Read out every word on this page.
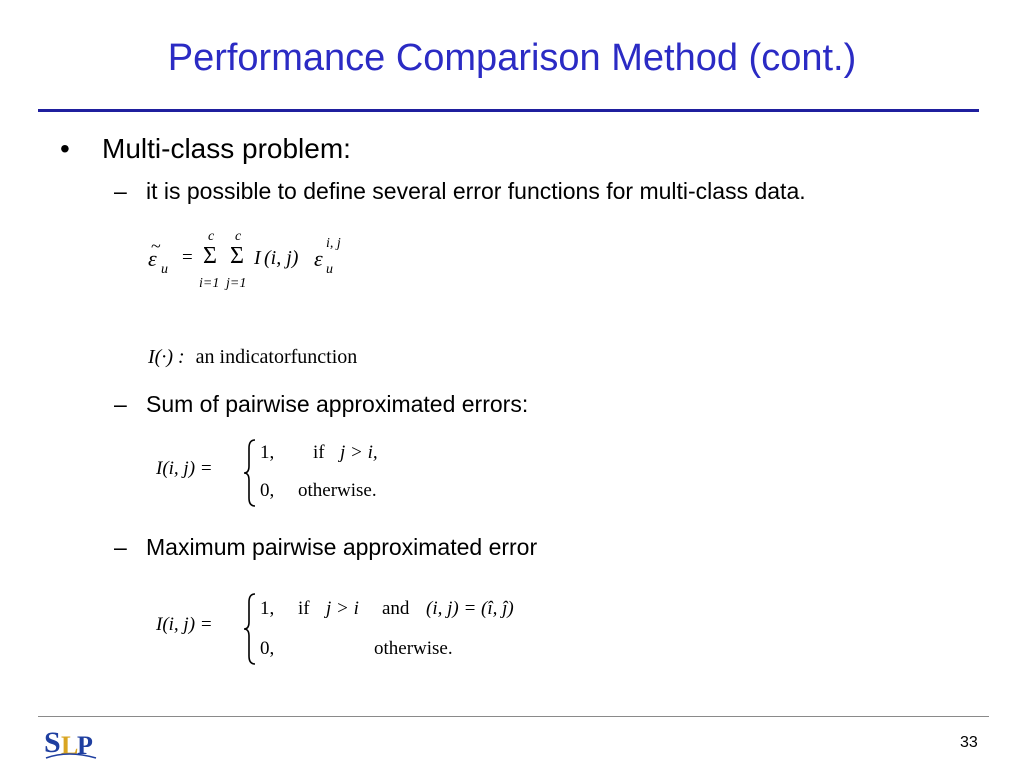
Performance Comparison Method (cont.)
• Multi-class problem:
– it is possible to define several error functions for multi-class data.
~
ε u
=
c
Σ
i=1
c
Σ
j=1
I (i, j) ε
i, j
u
I(·) : an indicatorfunction
– Sum of pairwise approximated errors:
I(i, j) =
1, if j > i,
0, otherwise.
– Maximum pairwise approximated error
I(i, j) =
1, if j > i and (i, j) = (î, ĵ)
0,	otherwise.
S L
P	33
